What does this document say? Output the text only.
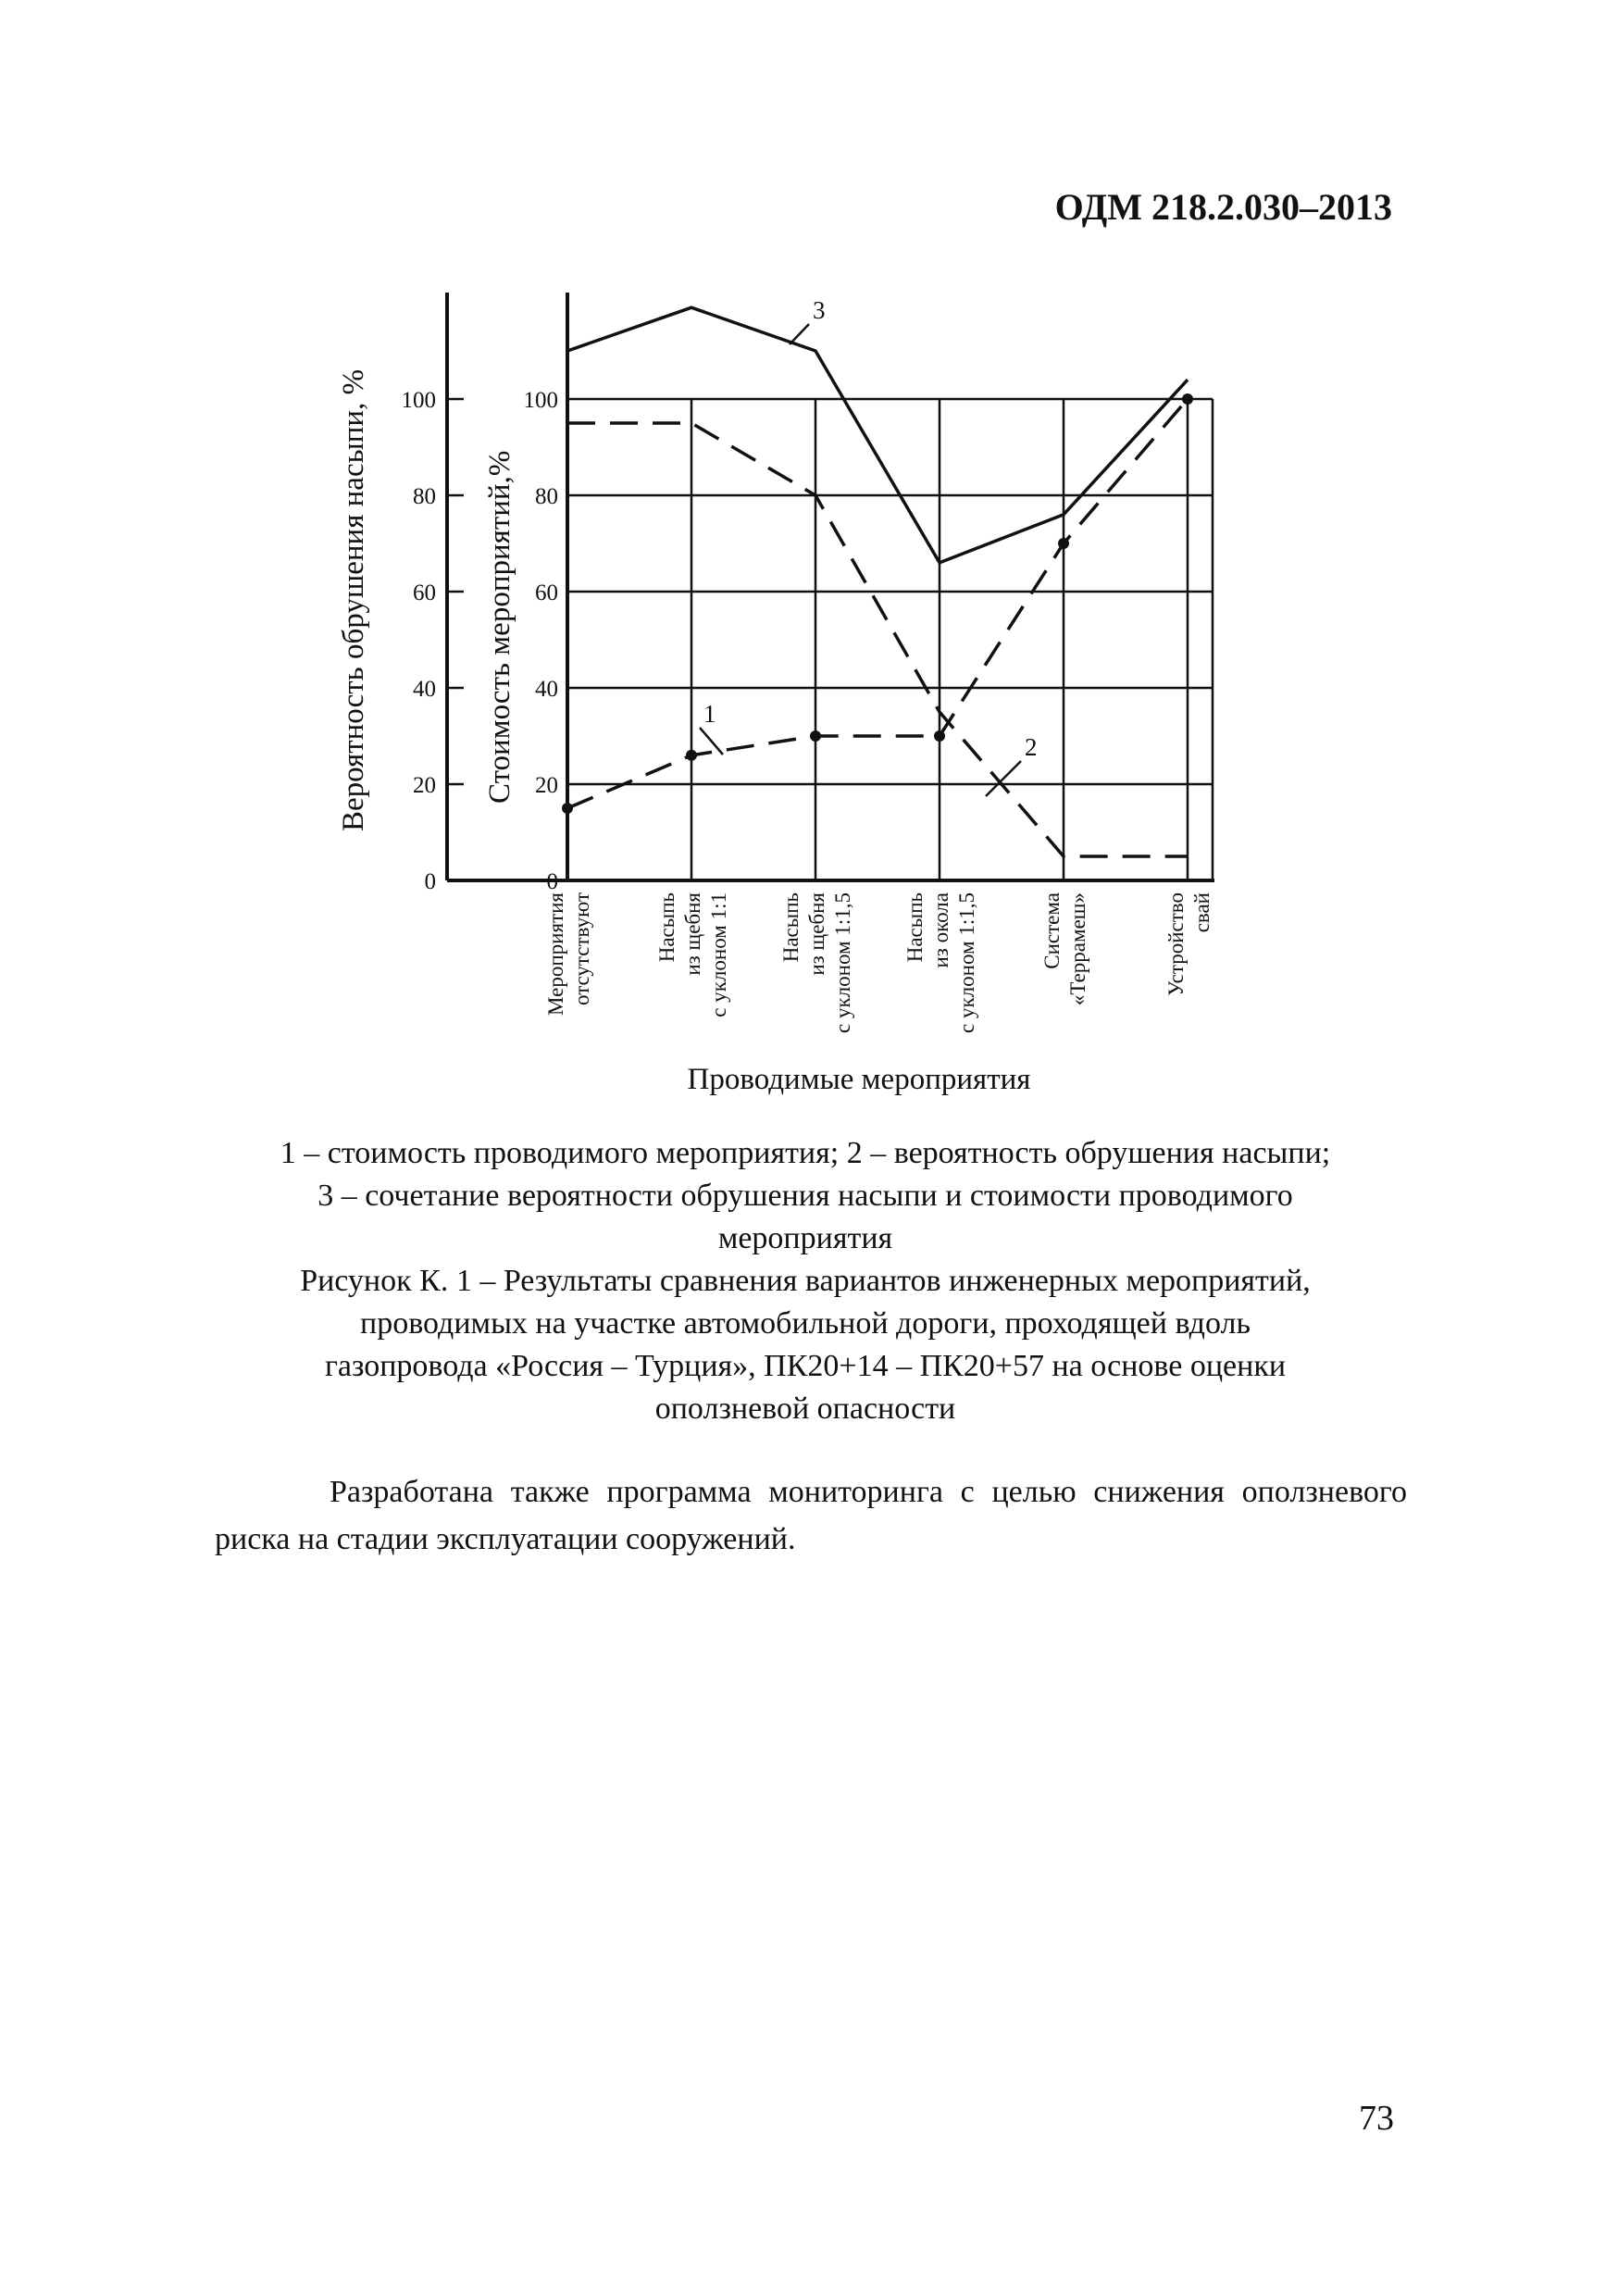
ОДМ 218.2.030–2013

0	0
20	20
40	40
60	60
80	80
100	100
Мероприятия отсутствуют	Насыпь из щебня с уклоном 1:1 Насыпь из щебня с уклоном 1:1,5 Насыпь из окола с уклоном 1:1,5	Система «Террамеш»	Устройство свай
1
2
3
Проводимые мероприятия
Вероятность обрушения насыпи, %	Стоимость мероприятий,%

1 – стоимость проводимого мероприятия; 2 – вероятность обрушения насыпи;

3 – сочетание вероятности обрушения насыпи и стоимости проводимого

мероприятия

Рисунок К. 1 – Результаты сравнения вариантов инженерных мероприятий,

проводимых на участке автомобильной дороги, проходящей вдоль

газопровода «Россия – Турция», ПК20+14 – ПК20+57 на основе оценки

оползневой опасности

Разработана также программа мониторинга с целью снижения оползневого риска на стадии эксплуатации сооружений.

73
